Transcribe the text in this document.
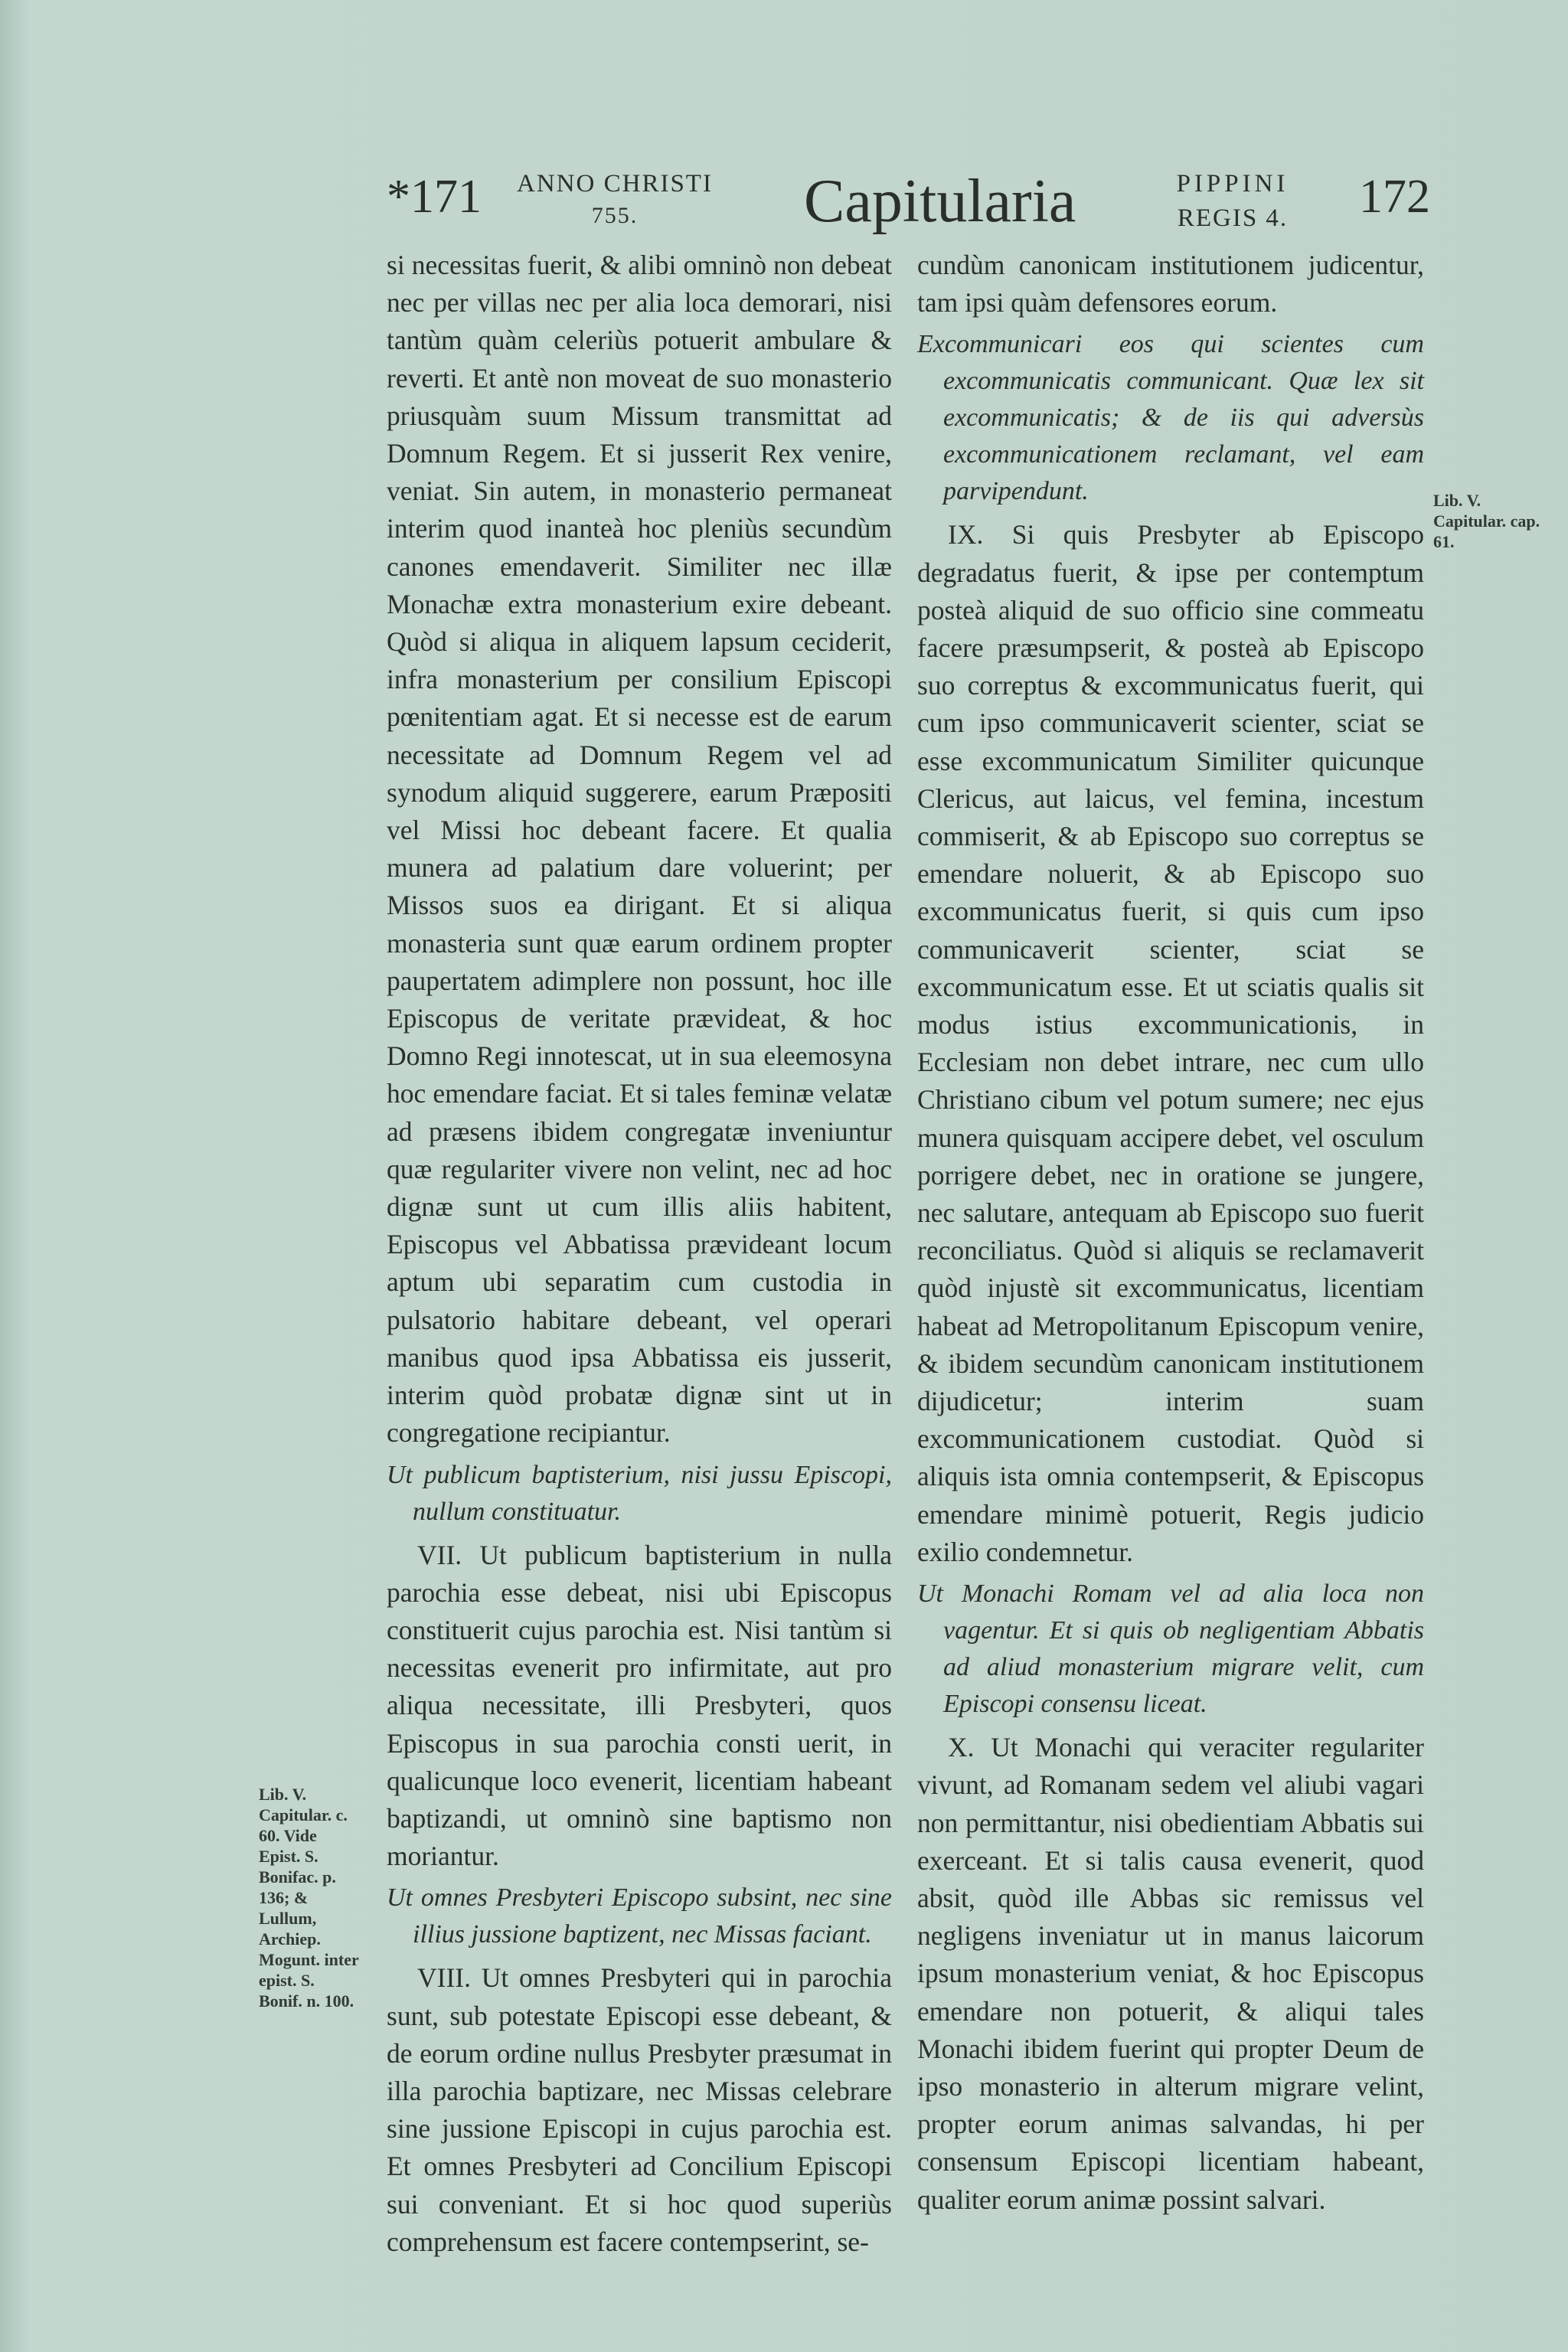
*171 ANNO CHRISTI
755.	Capitularia	PIPPINI
REGIS 4.	172

si necessitas fuerit, & alibi omninò non debeat nec per villas nec per alia loca demorari, nisi tantùm quàm celeriùs potuerit ambulare & reverti. Et antè non moveat de suo monasterio priusquàm suum Missum transmittat ad Domnum Regem. Et si jusserit Rex venire, veniat. Sin autem, in monasterio permaneat interim quod inanteà hoc pleniùs secundùm canones emendaverit. Similiter nec illæ Monachæ extra monasterium exire debeant. Quòd si aliqua in aliquem lapsum ceciderit, infra monasterium per consilium Episcopi pœnitentiam agat. Et si necesse est de earum necessitate ad Domnum Regem vel ad synodum aliquid suggerere, earum Præpositi vel Missi hoc debeant facere. Et qualia munera ad palatium dare voluerint; per Missos suos ea dirigant. Et si aliqua monasteria sunt quæ earum ordinem propter paupertatem adimplere non possunt, hoc ille Episcopus de veritate prævideat, & hoc Domno Regi innotescat, ut in sua eleemosyna hoc emendare faciat. Et si tales feminæ velatæ ad præsens ibidem congregatæ inveniuntur quæ regulariter vivere non velint, nec ad hoc dignæ sunt ut cum illis aliis habitent, Episcopus vel Abbatissa prævideant locum aptum ubi separatim cum custodia in pulsatorio habitare debeant, vel operari manibus quod ipsa Abbatissa eis jusserit, interim quòd probatæ dignæ sint ut in congregatione recipiantur.

Ut publicum baptisterium, nisi jussu Episcopi, nullum constituatur.

VII. Ut publicum baptisterium in nulla parochia esse debeat, nisi ubi Episcopus constituerit cujus parochia est. Nisi tantùm si necessitas evenerit pro infirmitate, aut pro aliqua necessitate, illi Presbyteri, quos Episcopus in sua parochia consti uerit, in qualicunque loco evenerit, licentiam habeant baptizandi, ut omninò sine baptismo non moriantur.

Ut omnes Presbyteri Episcopo subsint, nec sine illius jussione baptizent, nec Missas faciant.

VIII. Ut omnes Presbyteri qui in parochia sunt, sub potestate Episcopi esse debeant, & de eorum ordine nullus Presbyter præsumat in illa parochia baptizare, nec Missas celebrare sine jussione Episcopi in cujus parochia est. Et omnes Presbyteri ad Concilium Episcopi sui conveniant. Et si hoc quod superiùs comprehensum est facere contempserint, se-

Lib. V. Capitular. c. 60. Vide Epist. S. Bonifac. p. 136; & Lullum, Archiep. Mogunt. inter epist. S. Bonif. n. 100.

cundùm canonicam institutionem judicentur, tam ipsi quàm defensores eorum.

Excommunicari eos qui scientes cum excommunicatis communicant. Quæ lex sit excommunicatis; & de iis qui adversùs excommunicationem reclamant, vel eam parvipendunt.

IX. Si quis Presbyter ab Episcopo degradatus fuerit, & ipse per contemptum posteà aliquid de suo officio sine commeatu facere præsumpserit, & posteà ab Episcopo suo correptus & excommunicatus fuerit, qui cum ipso communicaverit scienter, sciat se esse excommunicatum Similiter quicunque Clericus, aut laicus, vel femina, incestum commiserit, & ab Episcopo suo correptus se emendare noluerit, & ab Episcopo suo excommunicatus fuerit, si quis cum ipso communicaverit scienter, sciat se excommunicatum esse. Et ut sciatis qualis sit modus istius excommunicationis, in Ecclesiam non debet intrare, nec cum ullo Christiano cibum vel potum sumere; nec ejus munera quisquam accipere debet, vel osculum porrigere debet, nec in oratione se jungere, nec salutare, antequam ab Episcopo suo fuerit reconciliatus. Quòd si aliquis se reclamaverit quòd injustè sit excommunicatus, licentiam habeat ad Metropolitanum Episcopum venire, & ibidem secundùm canonicam institutionem dijudicetur; interim suam excommunicationem custodiat. Quòd si aliquis ista omnia contempserit, & Episcopus emendare minimè potuerit, Regis judicio exilio condemnetur.

Ut Monachi Romam vel ad alia loca non vagentur. Et si quis ob negligentiam Abbatis ad aliud monasterium migrare velit, cum Episcopi consensu liceat.

X. Ut Monachi qui veraciter regulariter vivunt, ad Romanam sedem vel aliubi vagari non permittantur, nisi obedientiam Abbatis sui exerceant. Et si talis causa evenerit, quod absit, quòd ille Abbas sic remissus vel negligens inveniatur ut in manus laicorum ipsum monasterium veniat, & hoc Episcopus emendare non potuerit, & aliqui tales Monachi ibidem fuerint qui propter Deum de ipso monasterio in alterum migrare velint, propter eorum animas salvandas, hi per consensum Episcopi licentiam habeant, qualiter eorum animæ possint salvari.

Lib. V. Capitular. cap. 61.
